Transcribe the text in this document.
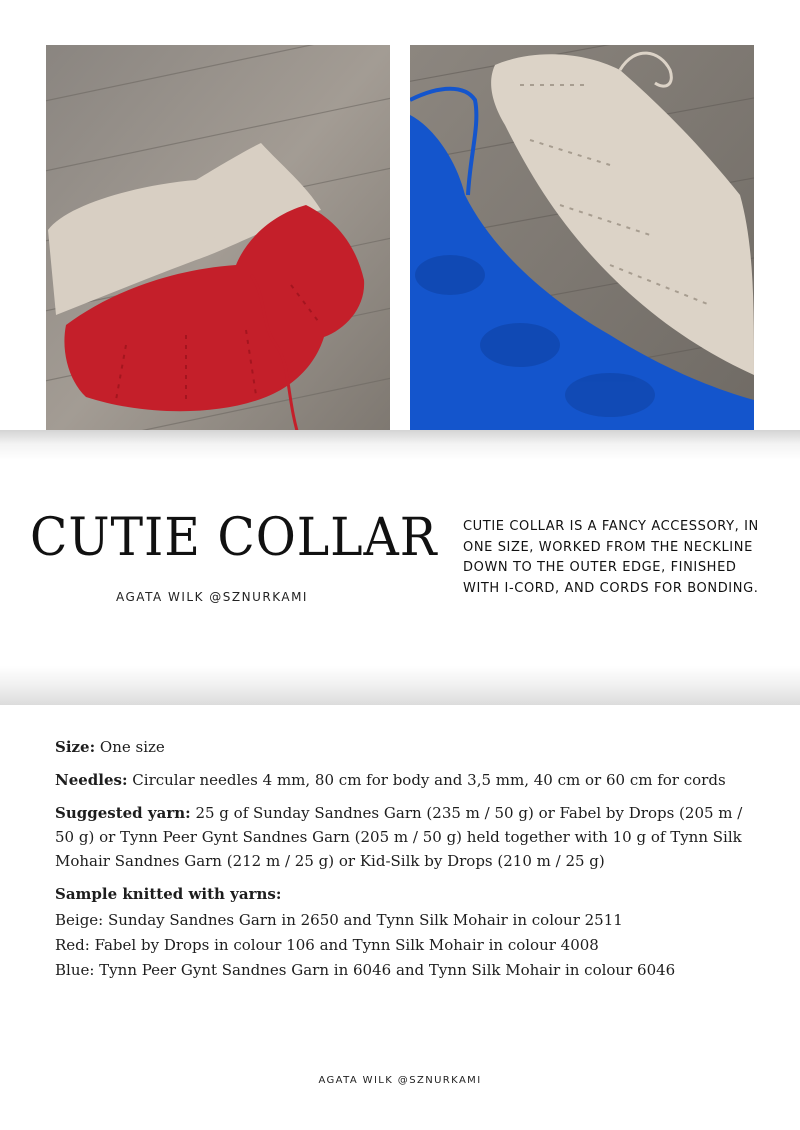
CUTIE COLLAR
AGATA WILK @SZNURKAMI

CUTIE COLLAR IS A FANCY ACCESSORY, IN ONE SIZE, WORKED FROM THE NECKLINE DOWN TO THE OUTER EDGE, FINISHED WITH I-CORD, AND CORDS FOR BONDING.

Size: One size

Needles: Circular needles 4 mm, 80 cm for body and 3,5 mm, 40 cm or 60 cm for cords

Suggested yarn: 25 g of Sunday Sandnes Garn (235 m / 50 g) or Fabel by Drops (205 m / 50 g) or Tynn Peer Gynt Sandnes Garn (205 m / 50 g) held together with 10 g of Tynn Silk Mohair Sandnes Garn (212 m / 25 g) or Kid-Silk by Drops (210 m / 25 g)

Sample knitted with yarns:

Beige: Sunday Sandnes Garn in 2650 and Tynn Silk Mohair in colour 2511

Red: Fabel by Drops in colour 106 and Tynn Silk Mohair in colour 4008

Blue: Tynn Peer Gynt Sandnes Garn in 6046 and Tynn Silk Mohair in colour 6046

AGATA WILK @SZNURKAMI
